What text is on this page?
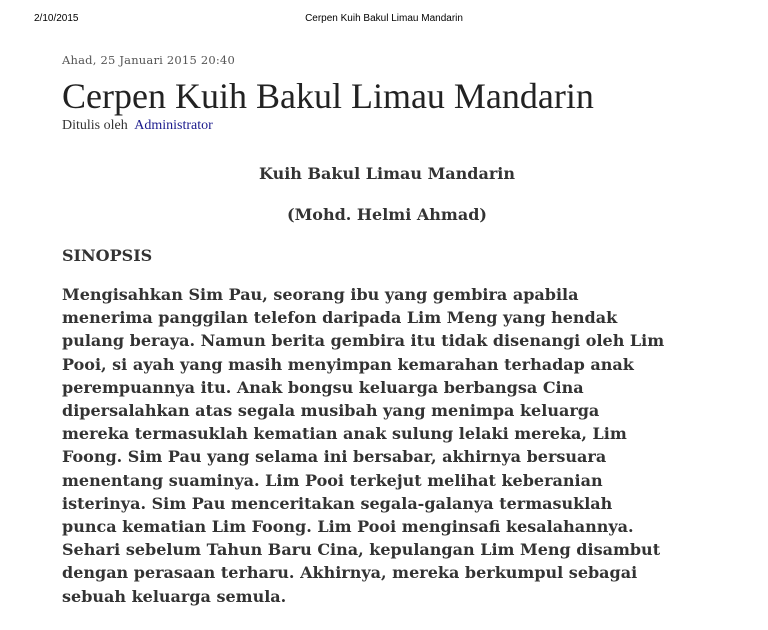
2/10/2015	Cerpen Kuih Bakul Limau Mandarin

Ahad, 25 Januari 2015 20:40

Cerpen Kuih Bakul Limau Mandarin

Ditulis oleh Administrator

Kuih Bakul Limau Mandarin

(Mohd. Helmi Ahmad)

SINOPSIS

Mengisahkan Sim Pau, seorang ibu yang gembira apabila
menerima panggilan telefon daripada Lim Meng yang hendak
pulang beraya. Namun berita gembira itu tidak disenangi oleh Lim
Pooi, si ayah yang masih menyimpan kemarahan terhadap anak
perempuannya itu. Anak bongsu keluarga berbangsa Cina
dipersalahkan atas segala musibah yang menimpa keluarga
mereka termasuklah kematian anak sulung lelaki mereka, Lim
Foong. Sim Pau yang selama ini bersabar, akhirnya bersuara
menentang suaminya. Lim Pooi terkejut melihat keberanian
isterinya. Sim Pau menceritakan segala-galanya termasuklah
punca kematian Lim Foong. Lim Pooi menginsafi kesalahannya.
Sehari sebelum Tahun Baru Cina, kepulangan Lim Meng disambut
dengan perasaan terharu. Akhirnya, mereka berkumpul sebagai
sebuah keluarga semula.
